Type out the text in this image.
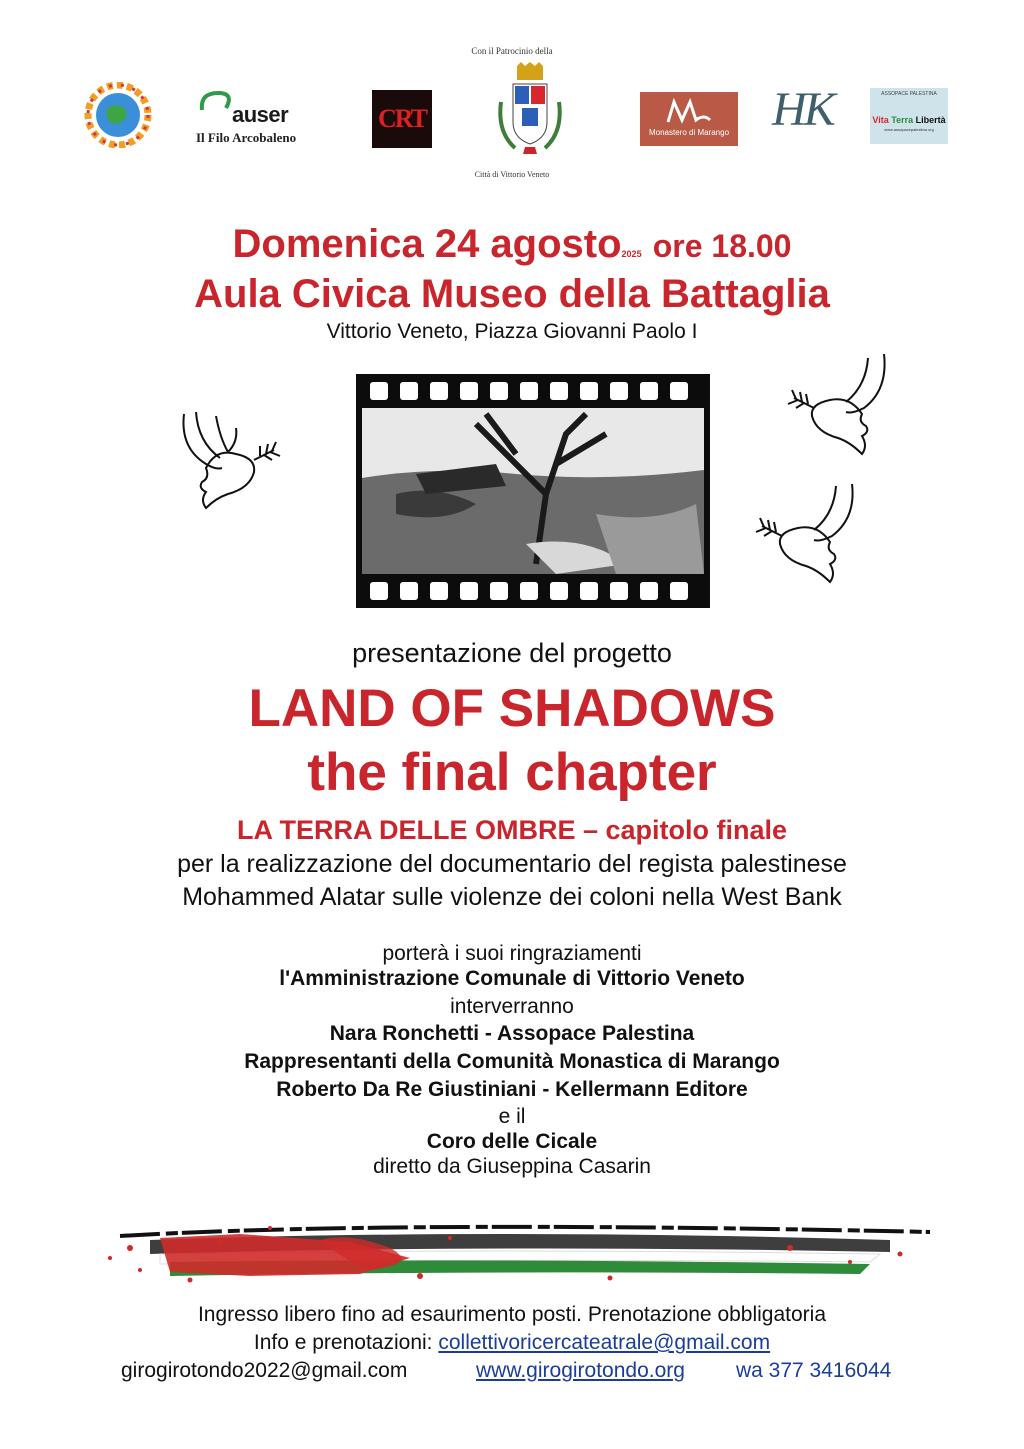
auser
Il Filo Arcobaleno
CRT
Con il Patrocinio della
Città di Vittorio Veneto
Monastero di Marango HK	ASSOPACE PALESTINA
Vita Terra Libertà
www.assopacepalestina.org
Domenica 24 agosto2025 ore 18.00
Aula Civica Museo della Battaglia
Vittorio Veneto, Piazza Giovanni Paolo I
presentazione del progetto
LAND OF SHADOWS
the final chapter
LA TERRA DELLE OMBRE – capitolo finale
per la realizzazione del documentario del regista palestinese
Mohammed Alatar sulle violenze dei coloni nella West Bank
porterà i suoi ringraziamenti
l'Amministrazione Comunale di Vittorio Veneto
interverranno
Nara Ronchetti - Assopace Palestina
Rappresentanti della Comunità Monastica di Marango
Roberto Da Re Giustiniani - Kellermann Editore
e il
Coro delle Cicale
diretto da Giuseppina Casarin
Ingresso libero fino ad esaurimento posti. Prenotazione obbligatoria
Info e prenotazioni: collettivoricercateatrale@gmail.com
girogirotondo2022@gmail.com	www.girogirotondo.org wa 377 3416044
